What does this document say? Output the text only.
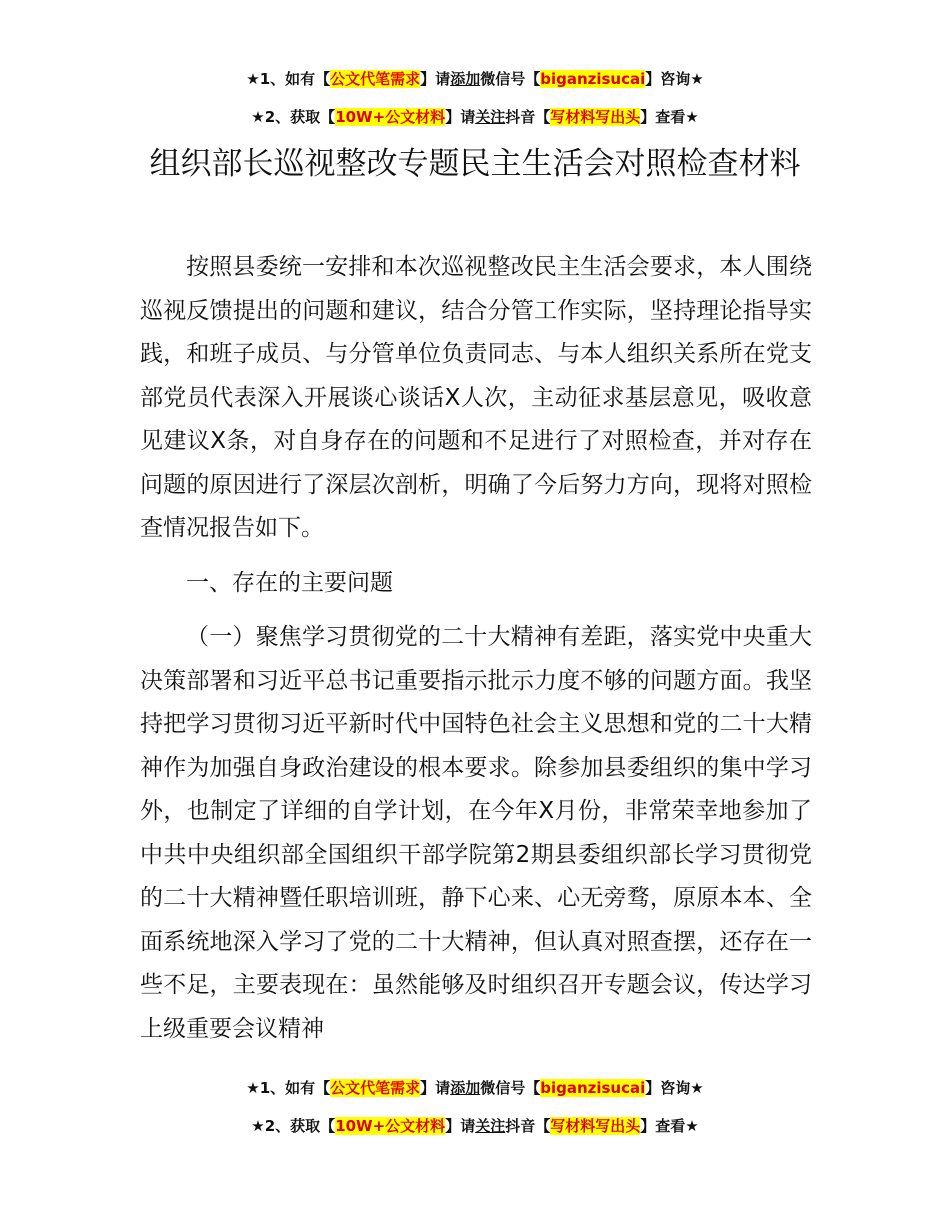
★1、如有【公文代笔需求】请添加微信号【biganzisucai】咨询★
★2、获取【10W+公文材料】请关注抖音【写材料写出头】查看★
组织部长巡视整改专题民主生活会对照检查材料

按照县委统一安排和本次巡视整改民主生活会要求，本人围绕巡视反馈提出的问题和建议，结合分管工作实际，坚持理论指导实践，和班子成员、与分管单位负责同志、与本人组织关系所在党支部党员代表深入开展谈心谈话X人次，主动征求基层意见，吸收意见建议X条，对自身存在的问题和不足进行了对照检查，并对存在问题的原因进行了深层次剖析，明确了今后努力方向，现将对照检查情况报告如下。

一、存在的主要问题

（一）聚焦学习贯彻党的二十大精神有差距，落实党中央重大决策部署和习近平总书记重要指示批示力度不够的问题方面。我坚持把学习贯彻习近平新时代中国特色社会主义思想和党的二十大精神作为加强自身政治建设的根本要求。除参加县委组织的集中学习外，也制定了详细的自学计划，在今年X月份，非常荣幸地参加了中共中央组织部全国组织干部学院第2期县委组织部长学习贯彻党的二十大精神暨任职培训班，静下心来、心无旁骛，原原本本、全面系统地深入学习了党的二十大精神，但认真对照查摆，还存在一些不足，主要表现在：虽然能够及时组织召开专题会议，传达学习上级重要会议精神

★1、如有【公文代笔需求】请添加微信号【biganzisucai】咨询★
★2、获取【10W+公文材料】请关注抖音【写材料写出头】查看★
